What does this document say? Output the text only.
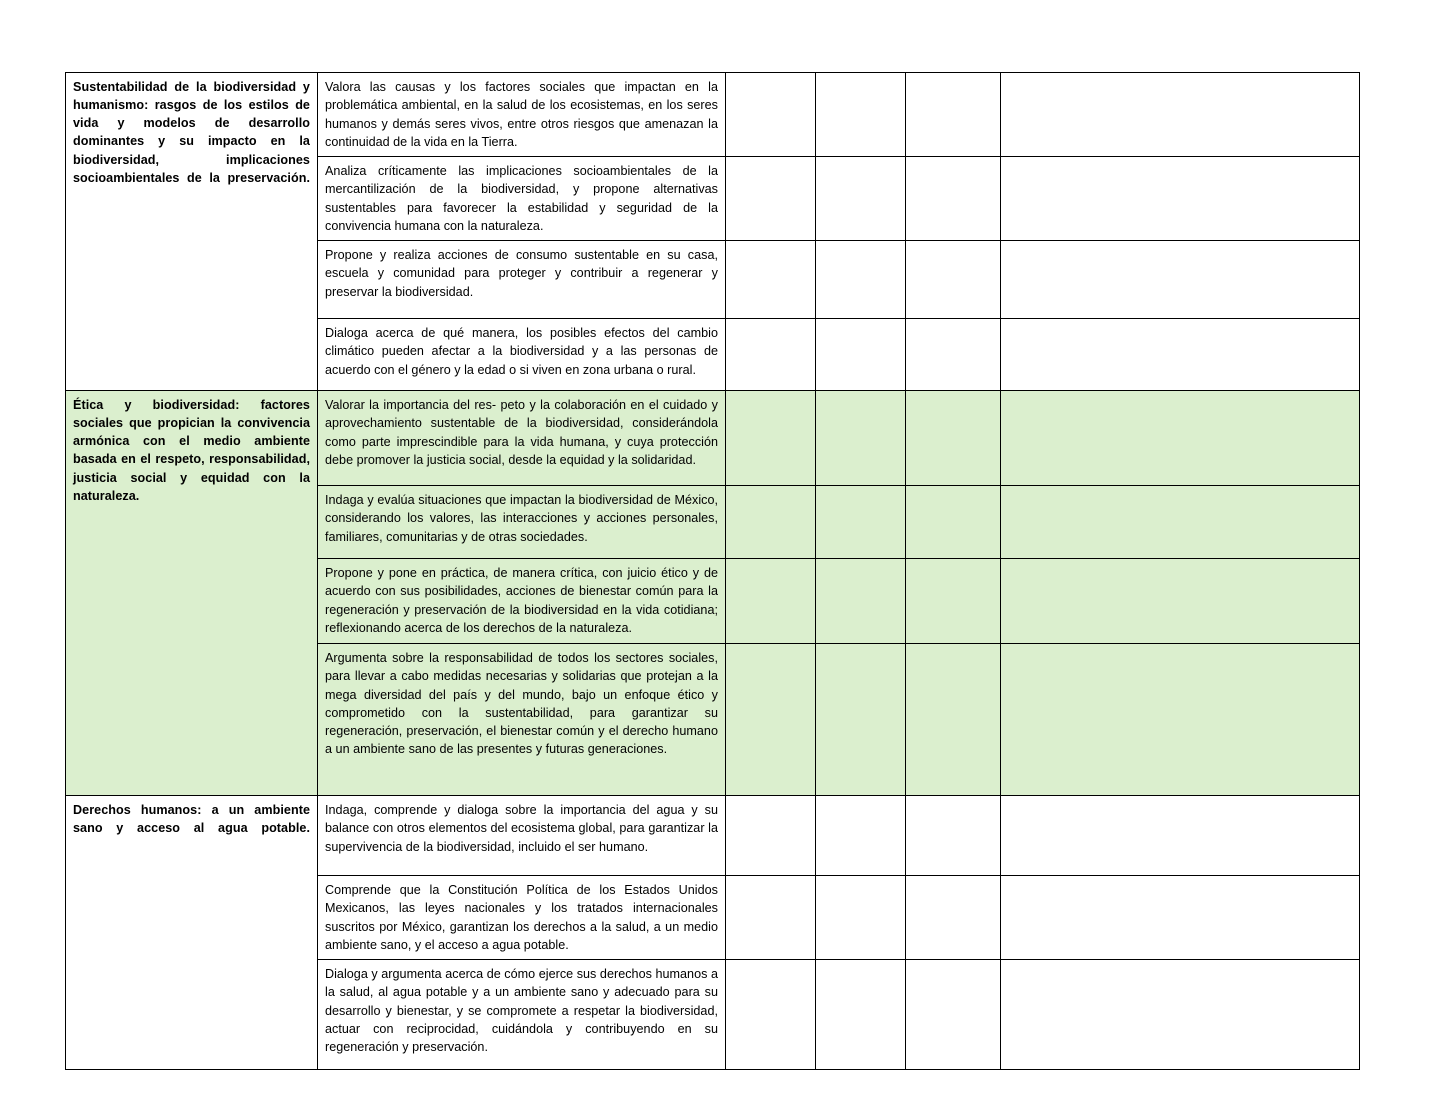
Sustentabilidad de la biodiversidad y humanismo: rasgos de los estilos de vida y modelos de desarrollo dominantes y su impacto en la biodiversidad, implicaciones socioambientales de la preservación.	Valora las causas y los factores sociales que impactan en la problemática ambiental, en la salud de los ecosistemas, en los seres humanos y demás seres vivos, entre otros riesgos que amenazan la continuidad de la vida en la Tierra.				
	Analiza críticamente las implicaciones socioambientales de la mercantilización de la biodiversidad, y propone alternativas sustentables para favorecer la estabilidad y seguridad de la convivencia humana con la naturaleza.				
	Propone y realiza acciones de consumo sustentable en su casa, escuela y comunidad para proteger y contribuir a regenerar y preservar la biodiversidad.				
	Dialoga acerca de qué manera, los posibles efectos del cambio climático pueden afectar a la biodiversidad y a las personas de acuerdo con el género y la edad o si viven en zona urbana o rural.				
Ética y biodiversidad: factores sociales que propician la convivencia armónica con el medio ambiente basada en el respeto, responsabilidad, justicia social y equidad con la naturaleza.	Valorar la importancia del res- peto y la colaboración en el cuidado y aprovechamiento sustentable de la biodiversidad, considerándola como parte imprescindible para la vida humana, y cuya protección debe promover la justicia social, desde la equidad y la solidaridad.				
	Indaga y evalúa situaciones que impactan la biodiversidad de México, considerando los valores, las interacciones y acciones personales, familiares, comunitarias y de otras sociedades.				
	Propone y pone en práctica, de manera crítica, con juicio ético y de acuerdo con sus posibilidades, acciones de bienestar común para la regeneración y preservación de la biodiversidad en la vida cotidiana; reflexionando acerca de los derechos de la naturaleza.				
	Argumenta sobre la responsabilidad de todos los sectores sociales, para llevar a cabo medidas necesarias y solidarias que protejan a la mega diversidad del país y del mundo, bajo un enfoque ético y comprometido con la sustentabilidad, para garantizar su regeneración, preservación, el bienestar común y el derecho humano a un ambiente sano de las presentes y futuras generaciones.				
Derechos humanos: a un ambiente sano y acceso al agua potable.	Indaga, comprende y dialoga sobre la importancia del agua y su balance con otros elementos del ecosistema global, para garantizar la supervivencia de la biodiversidad, incluido el ser humano.				
	Comprende que la Constitución Política de los Estados Unidos Mexicanos, las leyes nacionales y los tratados internacionales suscritos por México, garantizan los derechos a la salud, a un medio ambiente sano, y el acceso a agua potable.				
	Dialoga y argumenta acerca de cómo ejerce sus derechos humanos a la salud, al agua potable y a un ambiente sano y adecuado para su desarrollo y bienestar, y se compromete a respetar la biodiversidad, actuar con reciprocidad, cuidándola y contribuyendo en su regeneración y preservación.				
